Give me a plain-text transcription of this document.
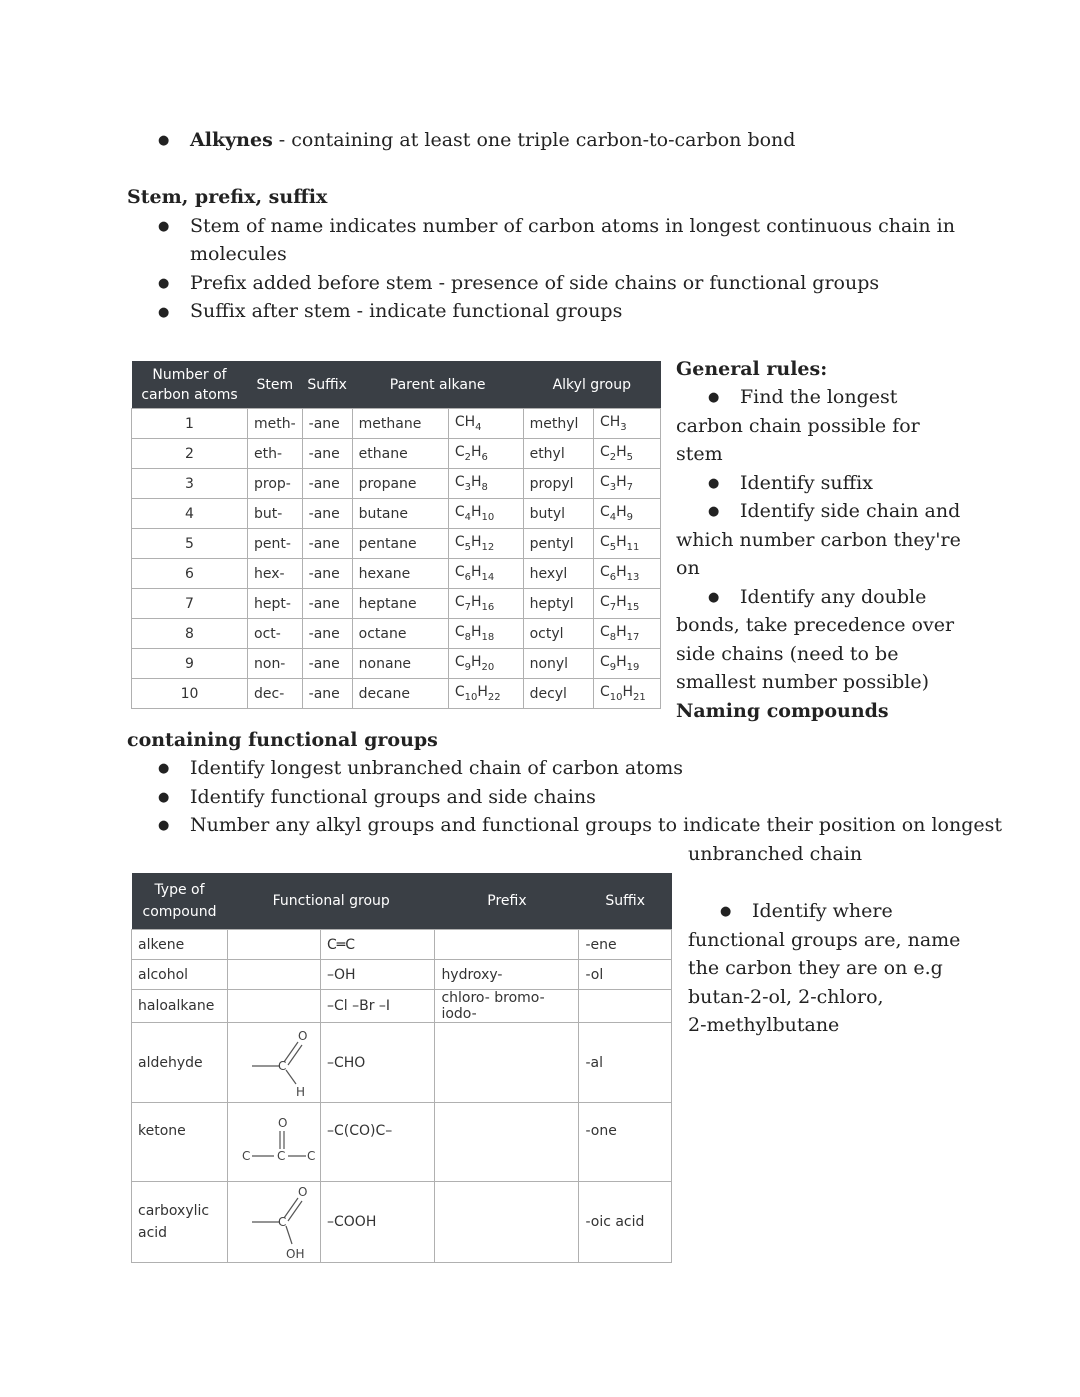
● Alkynes - containing at least one triple carbon-to-carbon bond
Stem, prefix, suffix
● Stem of name indicates number of carbon atoms in longest continuous chain in
molecules
● Prefix added before stem - presence of side chains or functional groups
● Suffix after stem - indicate functional groups
Number of carbon atoms	Stem	Suffix	Parent alkane		Alkyl group	
1	meth-	-ane	methane	$CH_4$	methyl	$CH_3$
2	eth-	-ane	ethane	$C_2H_6$	ethyl	$C_2H_5$
3	prop-	-ane	propane	$C_3H_8$	propyl	$C_3H_7$
4	but-	-ane	butane	$C_4H_{10}$	butyl	$C_4H_9$
5	pent-	-ane	pentane	$C_5H_{12}$	pentyl	$C_5H_{11}$
6	hex-	-ane	hexane	$C_6H_{14}$	hexyl	$C_6H_{13}$
7	hept-	-ane	heptane	$C_7H_{16}$	heptyl	$C_7H_{15}$
8	oct-	-ane	octane	$C_8H_{18}$	octyl	$C_8H_{17}$
9	non-	-ane	nonane	$C_9H_{20}$	nonyl	$C_9H_{19}$
10	dec-	-ane	decane	$C_{10}H_{22}$	decyl	$C_{10}H_{21}$
General rules:
● Find the longest
carbon chain possible for
stem
● Identify suffix
● Identify side chain and
which number carbon they're
on
● Identify any double
bonds, take precedence over
side chains (need to be
smallest number possible)
Naming compounds
containing functional groups
● Identify longest unbranched chain of carbon atoms
● Identify functional groups and side chains
● Number any alkyl groups and functional groups to indicate their position on longest
unbranched chain
Type of compound	Functional group		Prefix	Suffix
alkene		C═C		-ene
alcohol		–OH	hydroxy-	-ol
haloalkane		–Cl –Br –I	chloro- bromo- iodo-	
aldehyde	C
O
H	–CHO		-al
ketone	O
C C C	–C(CO)C–		-one
carboxylic acid	C
O
OH	–COOH		-oic acid
● Identify where
functional groups are, name
the carbon they are on e.g
butan-2-ol, 2-chloro,
2-methylbutane
